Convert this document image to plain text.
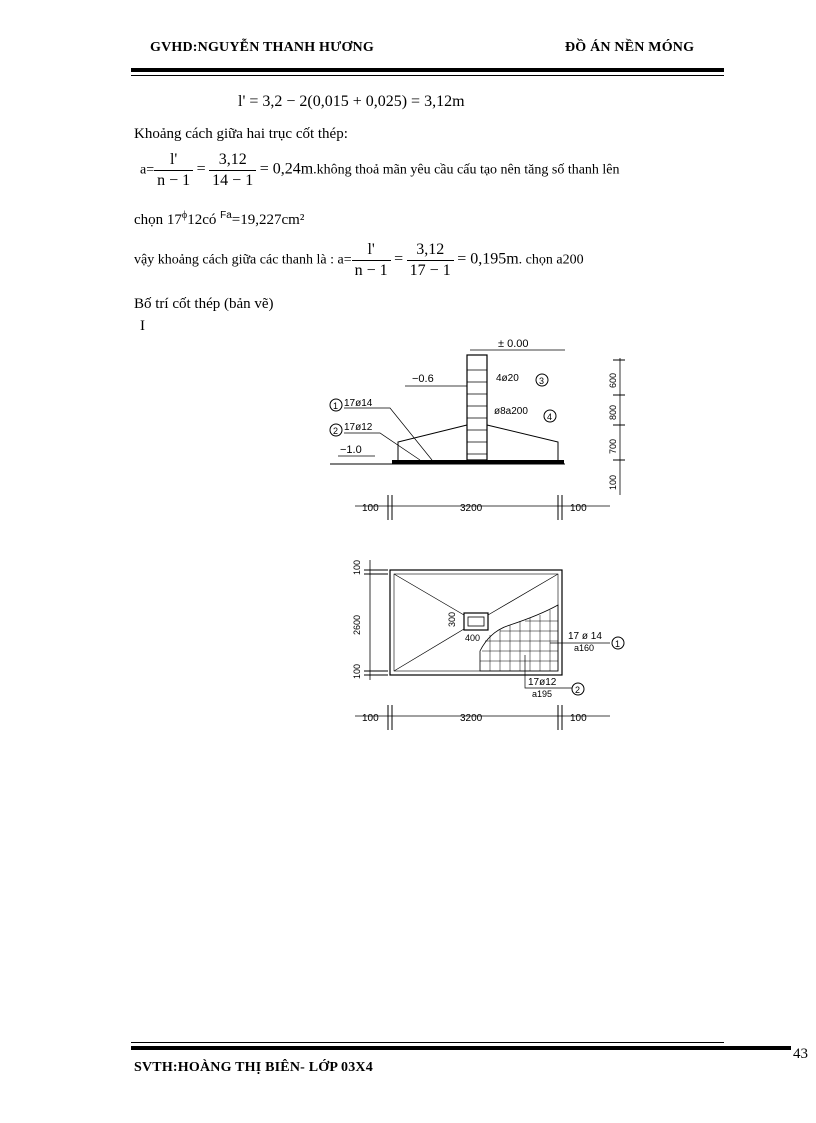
GVHD:NGUYỄN THANH HƯƠNG	ĐỒ ÁN NỀN MÓNG
l' = 3,2 − 2(0,015 + 0,025) = 3,12m
Khoảng cách giữa hai trục cốt thép:
$a= \frac{l'}{n - 1} = \frac{3,12}{14 - 1}$ = 0,24m.không thoả mãn yêu cầu cấu tạo nên tăng số thanh lên
chọn $17^\phi 12có$ $^{Fa}$=19,227cm²
vậy khoảng cách giữa các thanh là : $a= \frac{l'}{n - 1} = \frac{3,12}{17 - 1} = 0,195m$. chọn a200
Bố trí cốt thép (bản vẽ)
I
± 0.00
−0.6
−1.0
4ø20 3
ø8a200 4
1 17ø14
2 17ø12
600
800
700
100
100	3200	100
400
300
17 ø 14
a160 1
17ø12
a195	2
100
2600
100
100	3200	100
SVTH:HOÀNG THỊ BIÊN- LỚP 03X4
43
